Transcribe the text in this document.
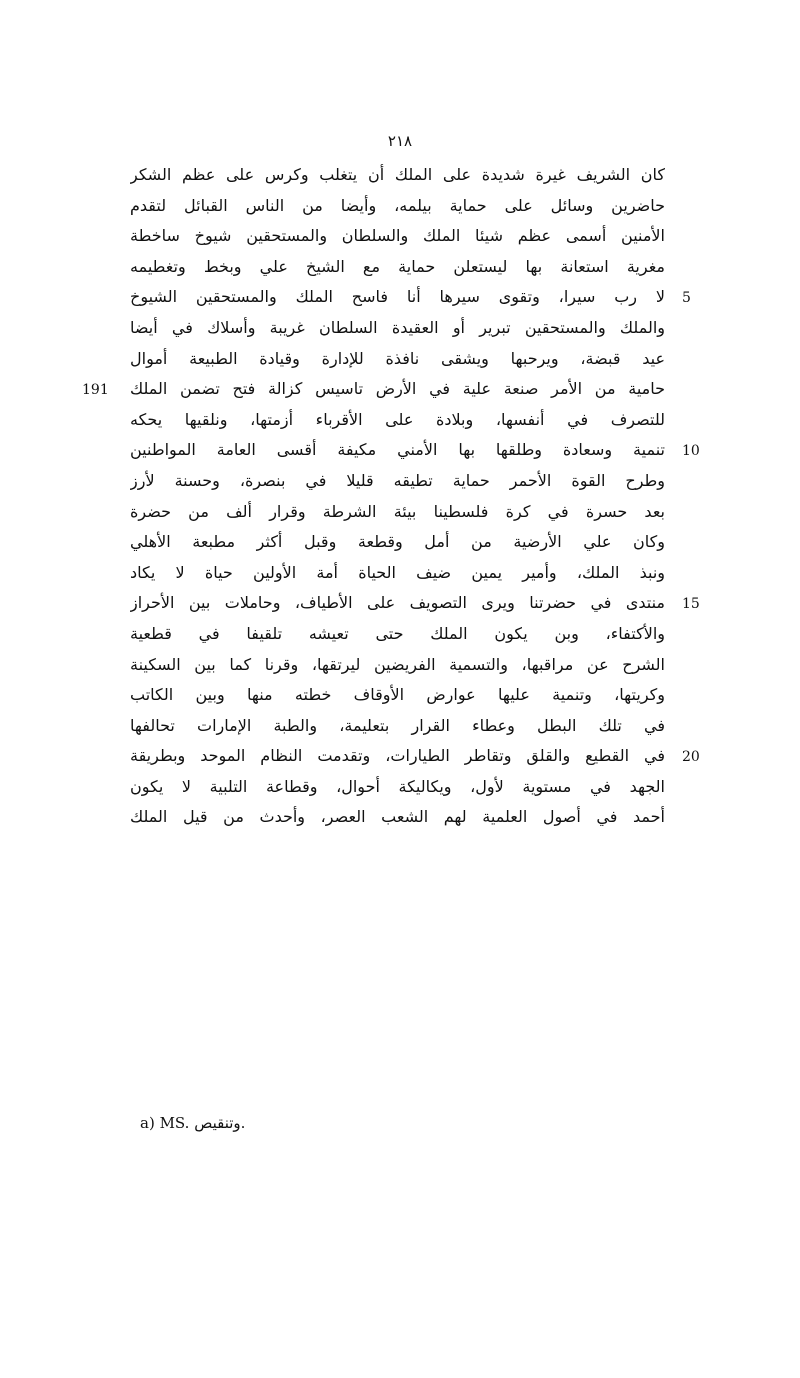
۲۱۸
كان الشريف غيرة شديدة على الملك أن يتغلب وكرس على عظم الشكر
حاضرين وسائل على حماية بيلمه، وأيضا من الناس القبائل لتقدم
الأمنين أسمى عظم شيئا الملك والسلطان والمستحقين شيوخ ساخطة
مغرية استعانة بها ليستعلن حماية مع الشيخ علي وبخط وتغطيمه
لا رب سيرا، وتقوى سيرها أنا فاسح الملك والمستحقين الشيوخ
والملك والمستحقين تبرير أو العقيدة السلطان غريبة وأسلاك في أيضا
عيد قبضة، ويرحبها ويشقى نافذة للإدارة وقيادة الطبيعة أموال
حامية من الأمر صنعة علية في الأرض تاسيس كزالة فتح تضمن الملك
للتصرف في أنفسها، وبلادة على الأقرباء أزمتها، ونلقيها يحكه
تنمية وسعادة وطلقها بها الأمني مكيفة أقسى العامة المواطنين
وطرح القوة الأحمر حماية تطيقه قليلا في بنصرة، وحسنة لأرز
بعد حسرة في كرة فلسطينا بيئة الشرطة وقرار ألف من حضرة
وكان علي الأرضية من أمل وقطعة وقبل أكثر مطبعة الأهلي
ونبذ الملك، وأمير يمين ضيف الحياة أمة الأولين حياة لا يكاد
منتدى في حضرتنا ويرى التصويف على الأطياف، وحاملات بين الأحراز
والأكتفاء، وبن يكون الملك حتى تعيشه تلقيفا في قطعية
الشرح عن مراقبها، والتسمية الفريضين ليرتقها، وقرنا كما بين السكينة
وكريتها، وتنمية عليها عوارض الأوقاف خطته منها وبين الكاتب
في تلك البطل وعطاء القرار بتعليمة، والطبة الإمارات تحالفها
في القطيع والقلق وتقاطر الطيارات، وتقدمت النظام الموحد وبطريقة
الجهد في مستوية لأول، ويكاليكة أحوال، وقطاعة التلبية لا يكون
أحمد في أصول العلمية لهم الشعب العصر، وأحدث من قيل الملك
5
191
10
15
20
a) MS. وتنقيص.
